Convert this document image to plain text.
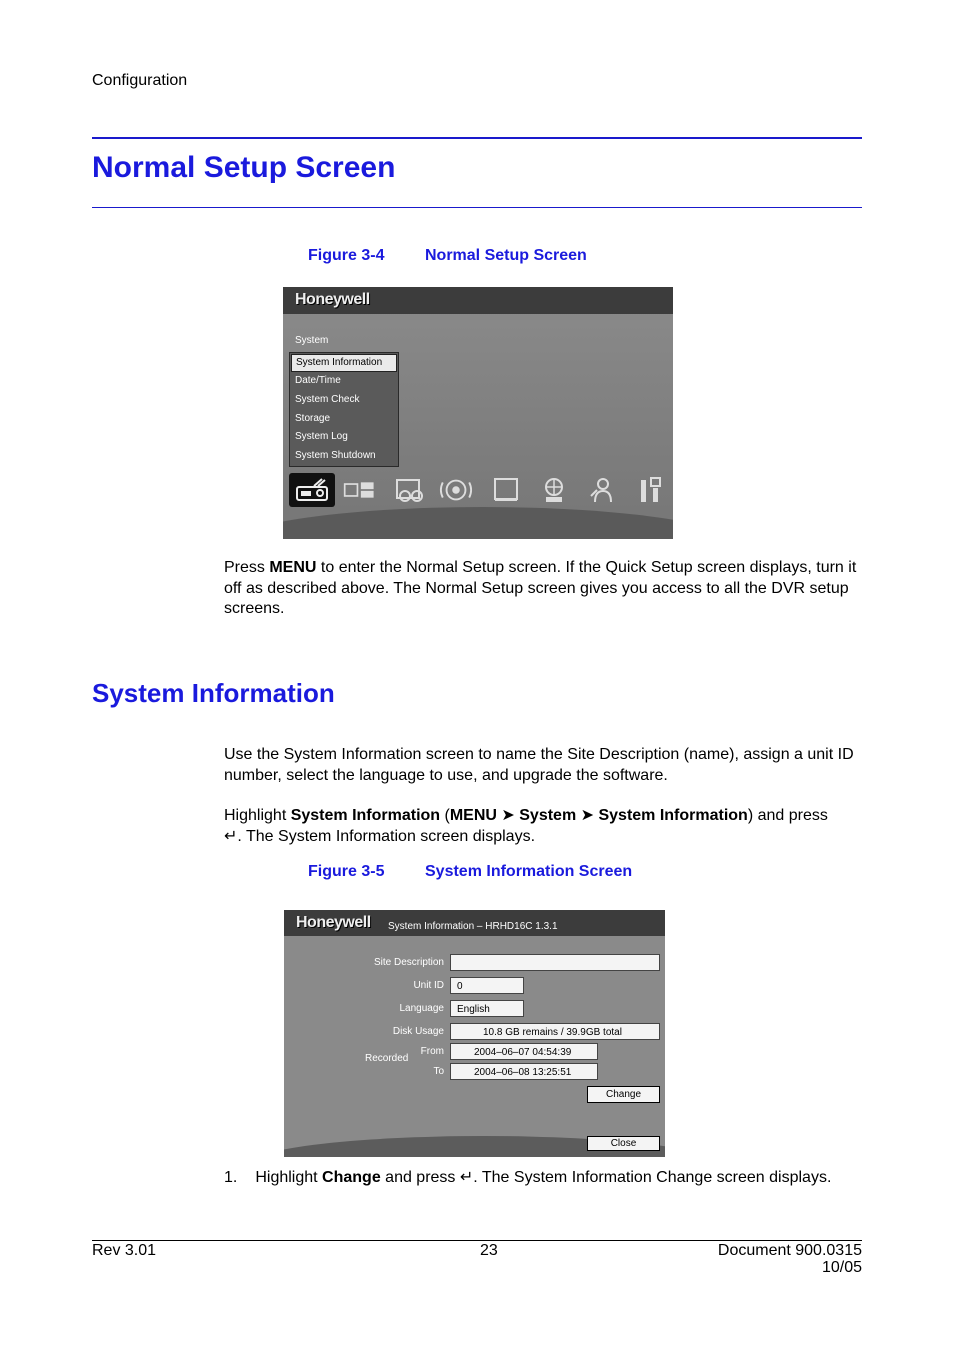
Configuration
Normal Setup Screen
Figure 3-4	Normal Setup Screen
Honeywell
System
System Information
Date/Time
System Check
Storage
System Log
System Shutdown
Press MENU to enter the Normal Setup screen. If the Quick Setup screen displays, turn it off as described above. The Normal Setup screen gives you access to all the DVR setup screens.
System Information
Use the System Information screen to name the Site Description (name), assign a unit ID number, select the language to use, and upgrade the software.
Highlight System Information (MENU ➤ System ➤ System Information) and press
↵. The System Information screen displays.
Figure 3-5	System Information Screen
Honeywell System Information – HRHD16C 1.3.1
Site Description
Unit ID	0
Language	English
Disk Usage	10.8 GB remains / 39.9GB total
Recorded
From	2004–06–07 04:54:39
To	2004–06–08 13:25:51
Change
Close
1. Highlight Change and press ↵. The System Information Change screen displays.
Rev 3.01	23	Document 900.0315
10/05
